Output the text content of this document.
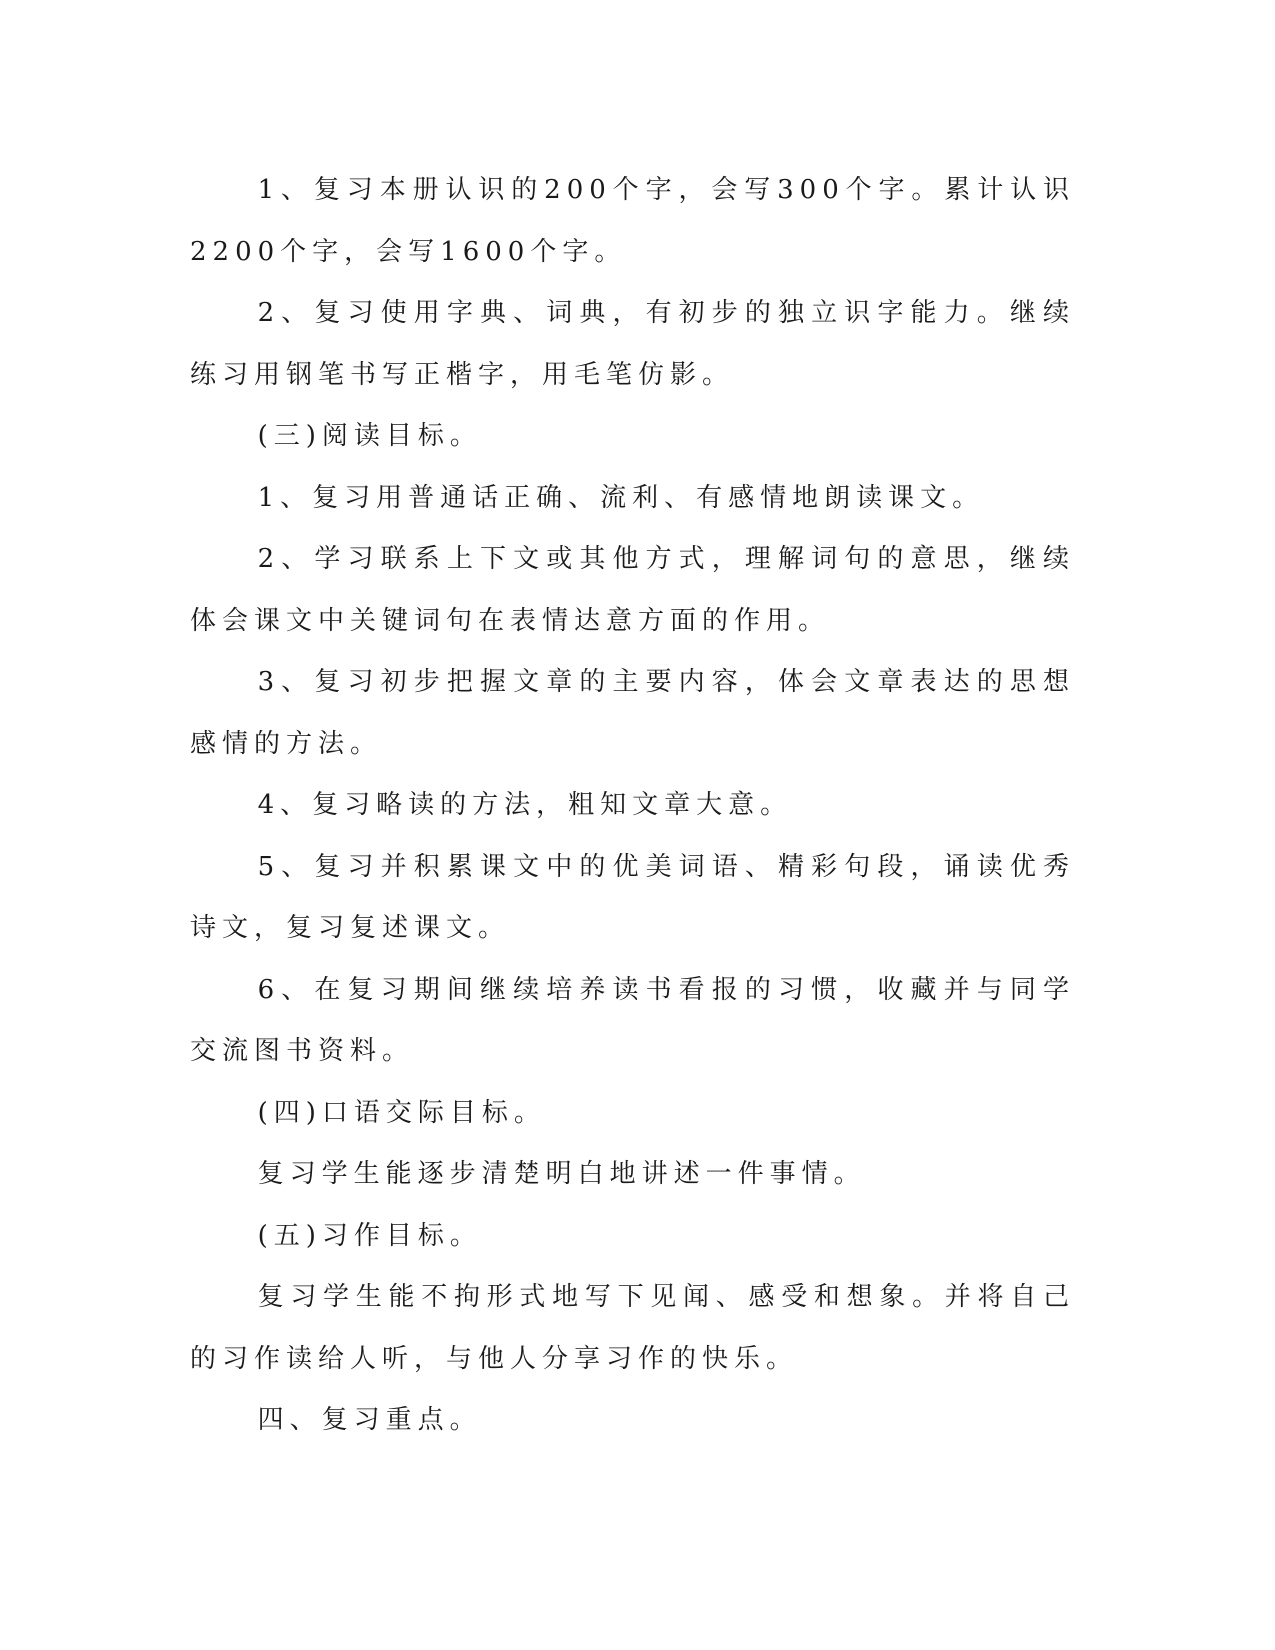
1、复习本册认识的200个字，会写300个字。累计认识2200个字，会写1600个字。

2、复习使用字典、词典，有初步的独立识字能力。继续练习用钢笔书写正楷字，用毛笔仿影。

(三)阅读目标。

1、复习用普通话正确、流利、有感情地朗读课文。

2、学习联系上下文或其他方式，理解词句的意思，继续体会课文中关键词句在表情达意方面的作用。

3、复习初步把握文章的主要内容，体会文章表达的思想感情的方法。

4、复习略读的方法，粗知文章大意。

5、复习并积累课文中的优美词语、精彩句段，诵读优秀诗文，复习复述课文。

6、在复习期间继续培养读书看报的习惯，收藏并与同学交流图书资料。

(四)口语交际目标。

复习学生能逐步清楚明白地讲述一件事情。

(五)习作目标。

复习学生能不拘形式地写下见闻、感受和想象。并将自己的习作读给人听，与他人分享习作的快乐。

四、复习重点。
